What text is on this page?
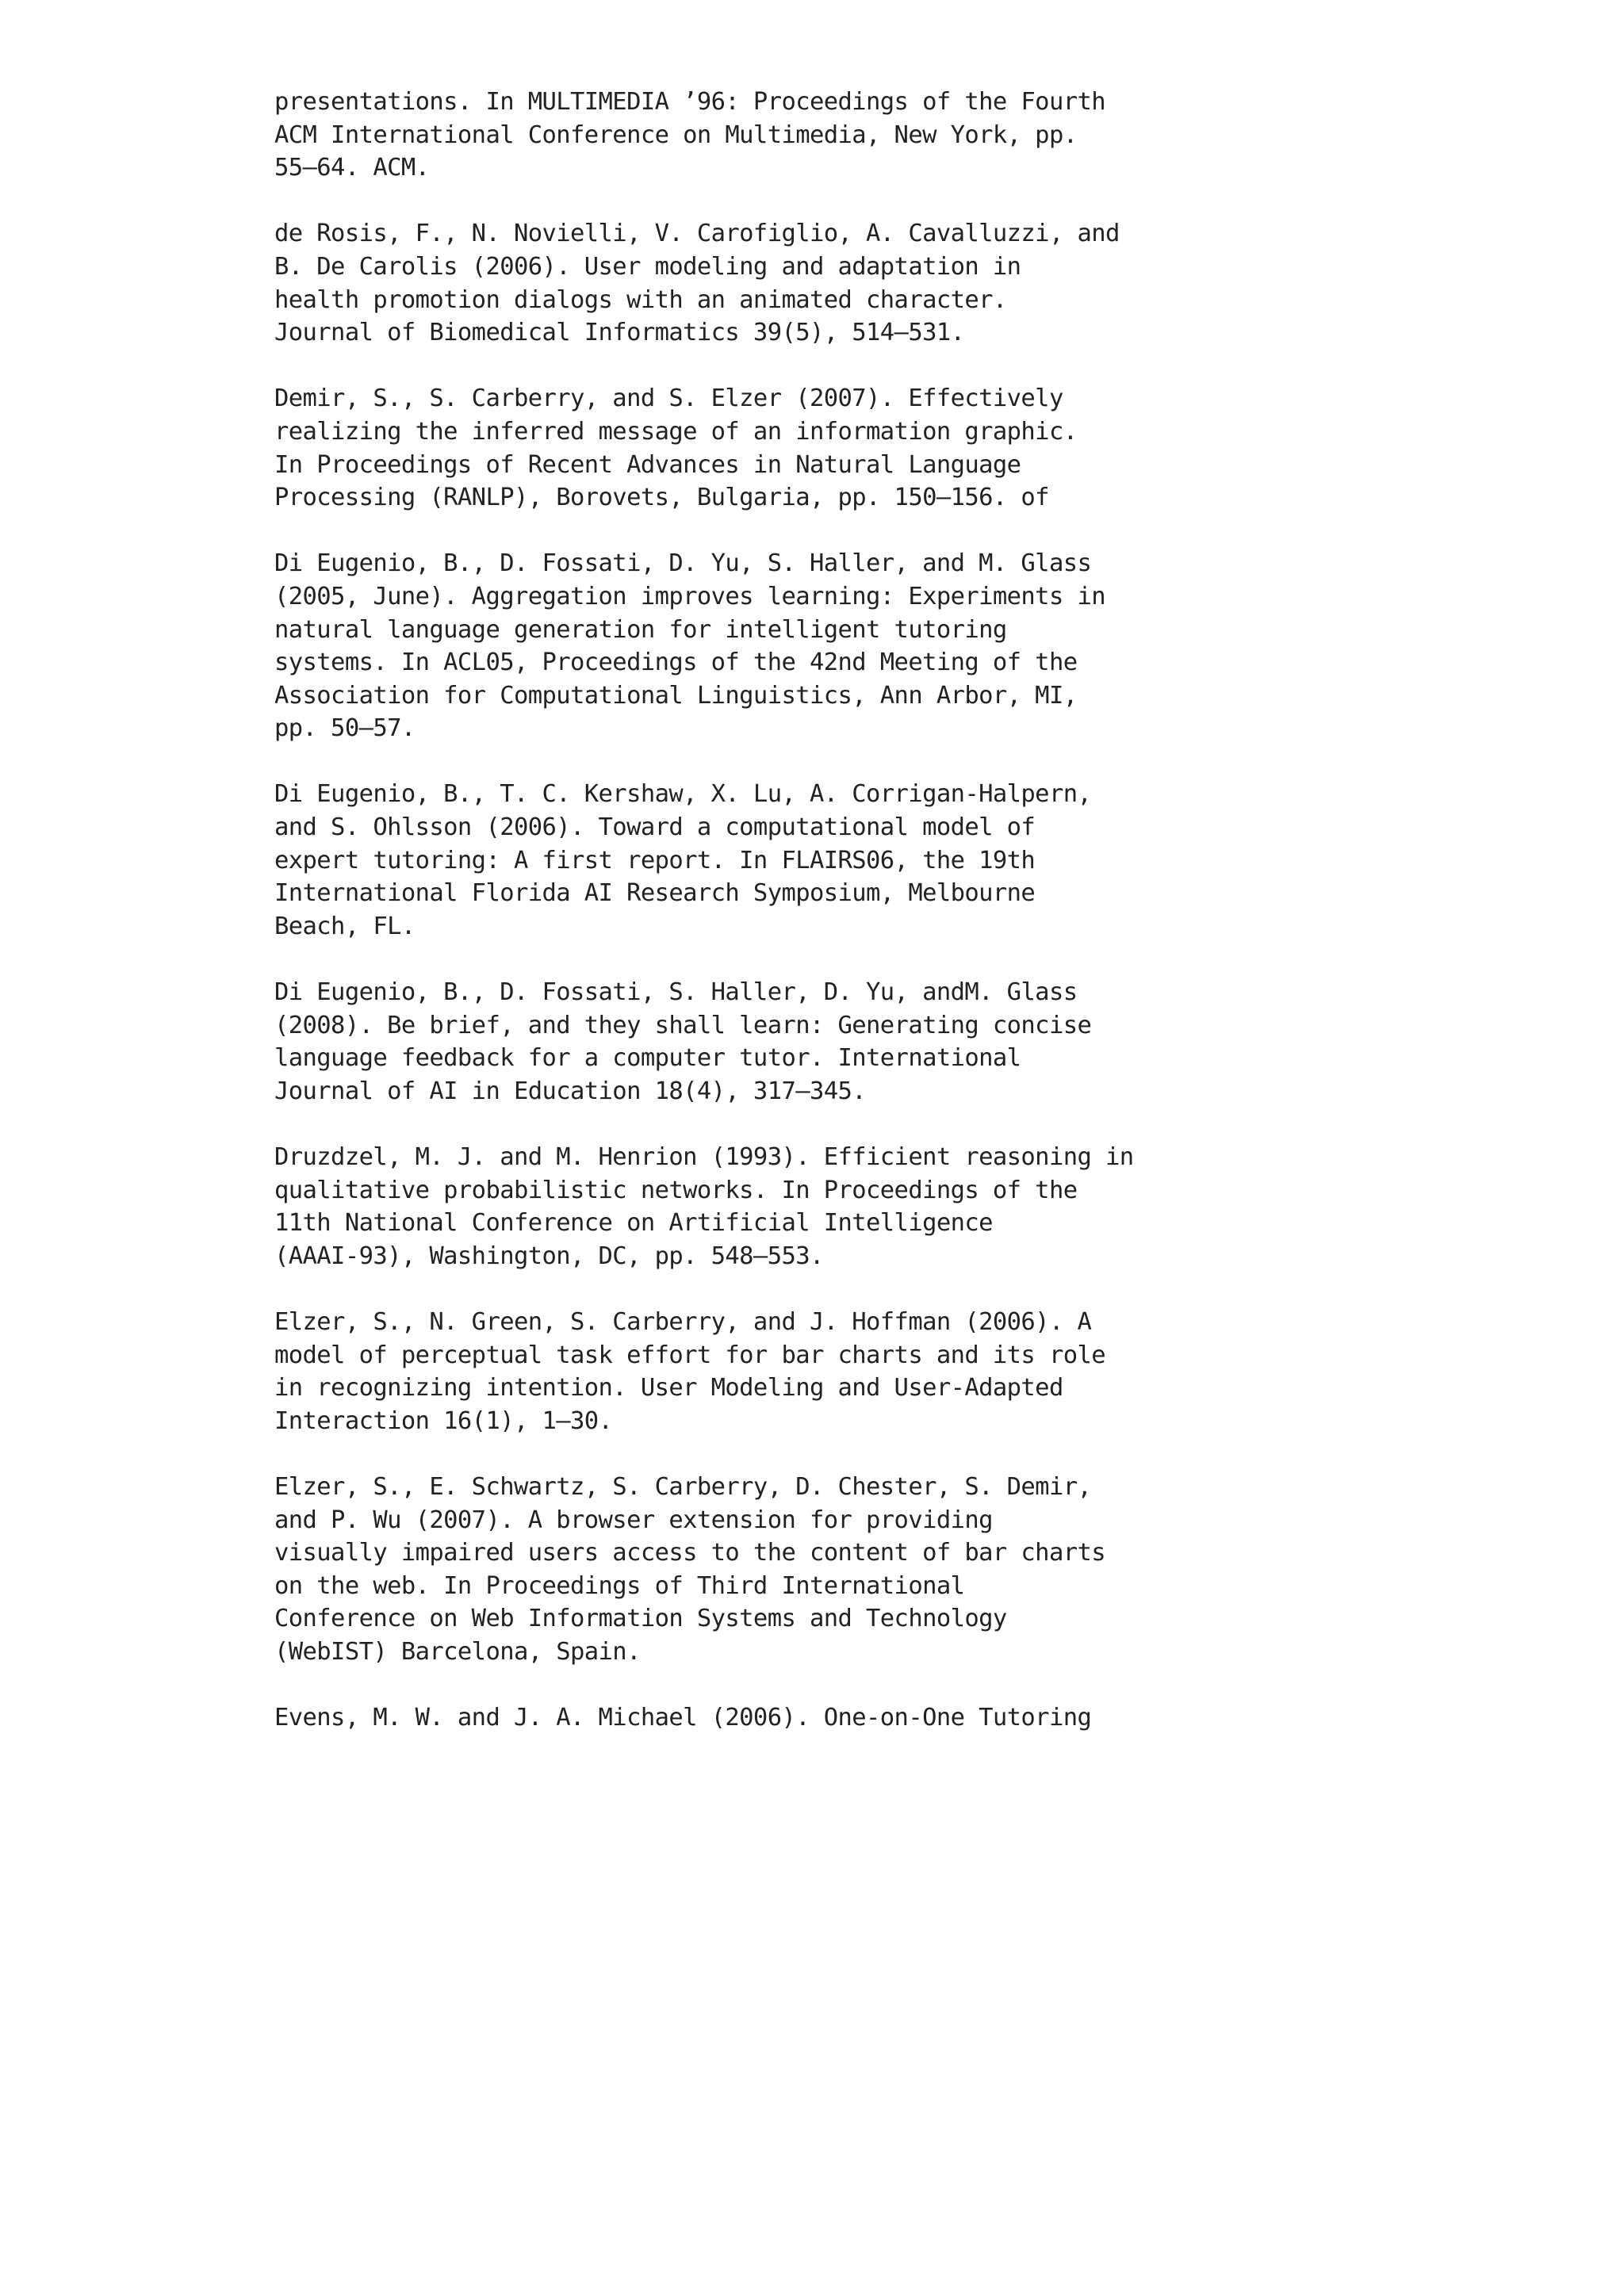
presentations. In MULTIMEDIA ’96: Proceedings of the Fourth
ACM International Conference on Multimedia, New York, pp.
55–64. ACM.
de Rosis, F., N. Novielli, V. Carofiglio, A. Cavalluzzi, and
B. De Carolis (2006). User modeling and adaptation in
health promotion dialogs with an animated character.
Journal of Biomedical Informatics 39(5), 514–531.
Demir, S., S. Carberry, and S. Elzer (2007). Effectively
realizing the inferred message of an information graphic.
In Proceedings of Recent Advances in Natural Language
Processing (RANLP), Borovets, Bulgaria, pp. 150–156. of
Di Eugenio, B., D. Fossati, D. Yu, S. Haller, and M. Glass
(2005, June). Aggregation improves learning: Experiments in
natural language generation for intelligent tutoring
systems. In ACL05, Proceedings of the 42nd Meeting of the
Association for Computational Linguistics, Ann Arbor, MI,
pp. 50–57.
Di Eugenio, B., T. C. Kershaw, X. Lu, A. Corrigan-Halpern,
and S. Ohlsson (2006). Toward a computational model of
expert tutoring: A first report. In FLAIRS06, the 19th
International Florida AI Research Symposium, Melbourne
Beach, FL.
Di Eugenio, B., D. Fossati, S. Haller, D. Yu, andM. Glass
(2008). Be brief, and they shall learn: Generating concise
language feedback for a computer tutor. International
Journal of AI in Education 18(4), 317–345.
Druzdzel, M. J. and M. Henrion (1993). Efficient reasoning in
qualitative probabilistic networks. In Proceedings of the
11th National Conference on Artificial Intelligence
(AAAI-93), Washington, DC, pp. 548–553.
Elzer, S., N. Green, S. Carberry, and J. Hoffman (2006). A
model of perceptual task effort for bar charts and its role
in recognizing intention. User Modeling and User-Adapted
Interaction 16(1), 1–30.
Elzer, S., E. Schwartz, S. Carberry, D. Chester, S. Demir,
and P. Wu (2007). A browser extension for providing
visually impaired users access to the content of bar charts
on the web. In Proceedings of Third International
Conference on Web Information Systems and Technology
(WebIST) Barcelona, Spain.
Evens, M. W. and J. A. Michael (2006). One-on-One Tutoring
